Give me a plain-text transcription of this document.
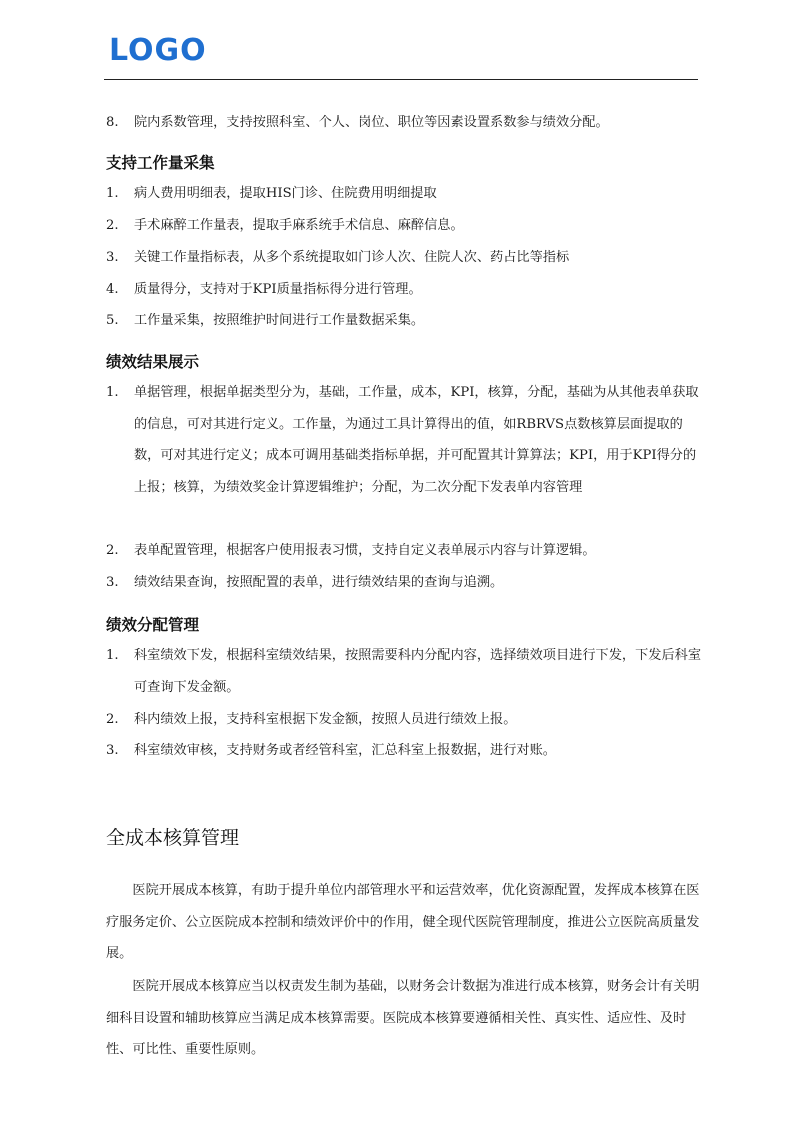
LOGO
8.	院内系数管理，支持按照科室、个人、岗位、职位等因素设置系数参与绩效分配。
支持工作量采集
1.	病人费用明细表，提取HIS门诊、住院费用明细提取
2.	手术麻醉工作量表，提取手麻系统手术信息、麻醉信息。
3.	关键工作量指标表，从多个系统提取如门诊人次、住院人次、药占比等指标
4.	质量得分，支持对于KPI质量指标得分进行管理。
5.	工作量采集，按照维护时间进行工作量数据采集。
绩效结果展示
1.	单据管理，根据单据类型分为，基础，工作量，成本，KPI，核算，分配，基础为从其他表单获取的信息，可对其进行定义。工作量，为通过工具计算得出的值，如RBRVS点数核算层面提取的数，可对其进行定义；成本可调用基础类指标单据，并可配置其计算算法；KPI，用于KPI得分的上报；核算，为绩效奖金计算逻辑维护；分配，为二次分配下发表单内容管理
2.	表单配置管理，根据客户使用报表习惯，支持自定义表单展示内容与计算逻辑。
3.	绩效结果查询，按照配置的表单，进行绩效结果的查询与追溯。
绩效分配管理
1.	科室绩效下发，根据科室绩效结果，按照需要科内分配内容，选择绩效项目进行下发，下发后科室可查询下发金额。
2.	科内绩效上报，支持科室根据下发金额，按照人员进行绩效上报。
3.	科室绩效审核，支持财务或者经管科室，汇总科室上报数据，进行对账。
全成本核算管理
医院开展成本核算，有助于提升单位内部管理水平和运营效率，优化资源配置，发挥成本核算在医疗服务定价、公立医院成本控制和绩效评价中的作用，健全现代医院管理制度，推进公立医院高质量发展。
医院开展成本核算应当以权责发生制为基础，以财务会计数据为准进行成本核算，财务会计有关明细科目设置和辅助核算应当满足成本核算需要。医院成本核算要遵循相关性、真实性、适应性、及时性、可比性、重要性原则。
